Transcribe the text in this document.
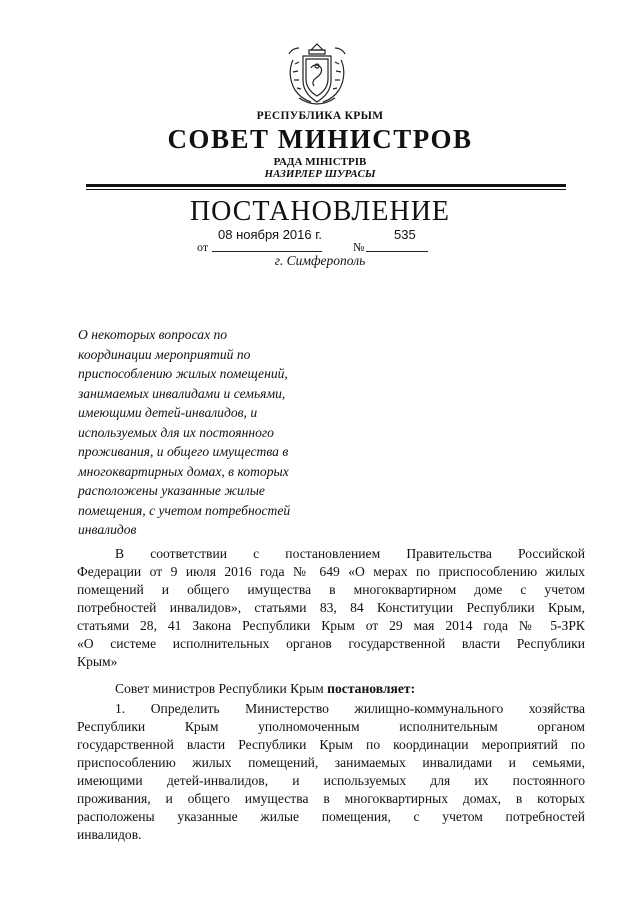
РЕСПУБЛИКА КРЫМ
СОВЕТ МИНИСТРОВ
РАДА МІНІСТРІВ
НАЗИРЛЕР ШУРАСЫ
ПОСТАНОВЛЕНИЕ
от
08 ноября 2016 г.
№
535
г. Симферополь
О некоторых вопросах по
координации мероприятий по
приспособлению жилых помещений,
занимаемых инвалидами и семьями,
имеющими детей-инвалидов, и
используемых для их постоянного
проживания, и общего имущества в
многоквартирных домах, в которых
расположены указанные жилые
помещения, с учетом потребностей
инвалидов
В соответствии с постановлением Правительства Российской
Федерации от 9 июля 2016 года № 649 «О мерах по приспособлению жилых
помещений и общего имущества в многоквартирном доме с учетом
потребностей инвалидов», статьями 83, 84 Конституции Республики Крым,
статьями 28, 41 Закона Республики Крым от 29 мая 2014 года № 5-ЗРК
«О системе исполнительных органов государственной власти Республики
Крым»
Совет министров Республики Крым постановляет:
1. Определить Министерство жилищно-коммунального хозяйства
Республики Крым уполномоченным исполнительным органом
государственной власти Республики Крым по координации мероприятий по
приспособлению жилых помещений, занимаемых инвалидами и семьями,
имеющими детей-инвалидов, и используемых для их постоянного
проживания, и общего имущества в многоквартирных домах, в которых
расположены указанные жилые помещения, с учетом потребностей
инвалидов.
